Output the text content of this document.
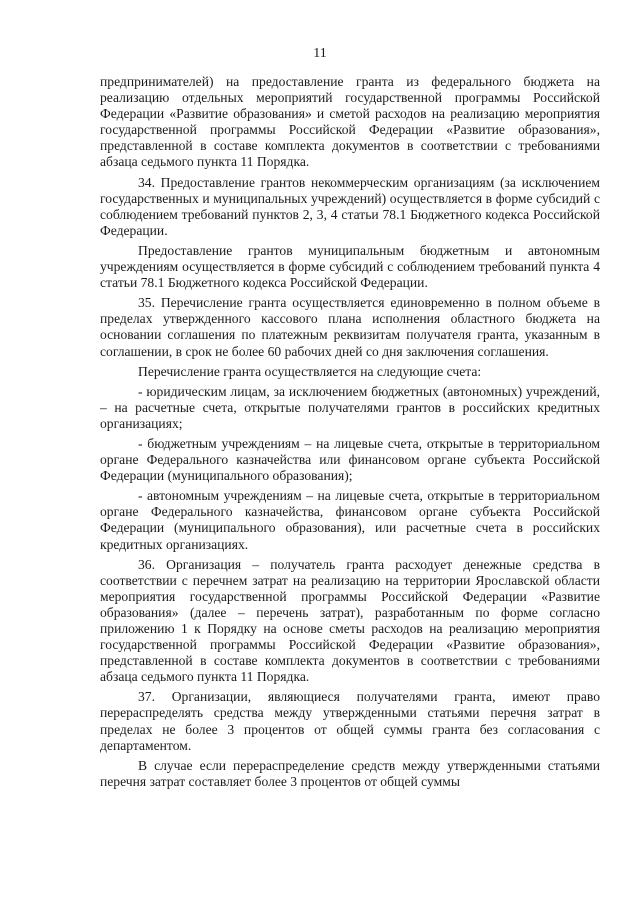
11

предпринимателей) на предоставление гранта из федерального бюджета на реализацию отдельных мероприятий государственной программы Российской Федерации «Развитие образования» и сметой расходов на реализацию мероприятия государственной программы Российской Федерации «Развитие образования», представленной в составе комплекта документов в соответствии с требованиями абзаца седьмого пункта 11 Порядка.

34. Предоставление грантов некоммерческим организациям (за исключением государственных и муниципальных учреждений) осуществляется в форме субсидий с соблюдением требований пунктов 2, 3, 4 статьи 78.1 Бюджетного кодекса Российской Федерации.

Предоставление грантов муниципальным бюджетным и автономным учреждениям осуществляется в форме субсидий с соблюдением требований пункта 4 статьи 78.1 Бюджетного кодекса Российской Федерации.

35. Перечисление гранта осуществляется единовременно в полном объеме в пределах утвержденного кассового плана исполнения областного бюджета на основании соглашения по платежным реквизитам получателя гранта, указанным в соглашении, в срок не более 60 рабочих дней со дня заключения соглашения.

Перечисление гранта осуществляется на следующие счета:

- юридическим лицам, за исключением бюджетных (автономных) учреждений, – на расчетные счета, открытые получателями грантов в российских кредитных организациях;

- бюджетным учреждениям – на лицевые счета, открытые в территориальном органе Федерального казначейства или финансовом органе субъекта Российской Федерации (муниципального образования);

- автономным учреждениям – на лицевые счета, открытые в территориальном органе Федерального казначейства, финансовом органе субъекта Российской Федерации (муниципального образования), или расчетные счета в российских кредитных организациях.

36. Организация – получатель гранта расходует денежные средства в соответствии с перечнем затрат на реализацию на территории Ярославской области мероприятия государственной программы Российской Федерации «Развитие образования» (далее – перечень затрат), разработанным по форме согласно приложению 1 к Порядку на основе сметы расходов на реализацию мероприятия государственной программы Российской Федерации «Развитие образования», представленной в составе комплекта документов в соответствии с требованиями абзаца седьмого пункта 11 Порядка.

37. Организации, являющиеся получателями гранта, имеют право перераспределять средства между утвержденными статьями перечня затрат в пределах не более 3 процентов от общей суммы гранта без согласования с департаментом.

В случае если перераспределение средств между утвержденными статьями перечня затрат составляет более 3 процентов от общей суммы
